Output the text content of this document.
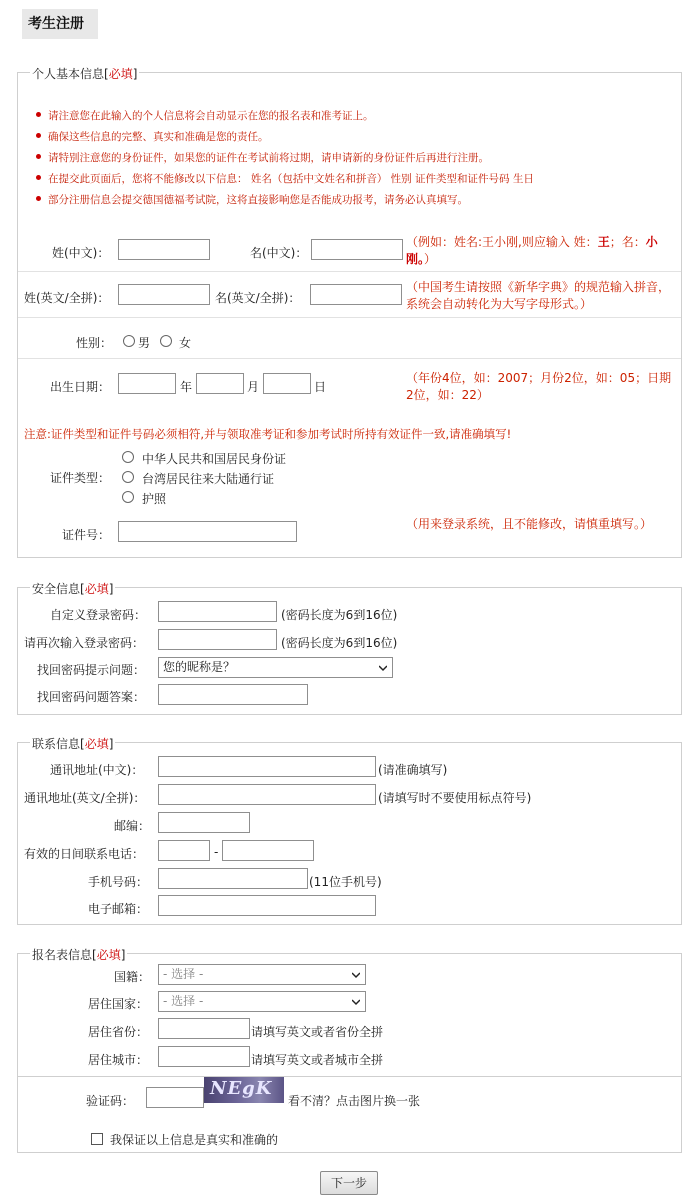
考生注册
个人基本信息[必填]
请注意您在此输入的个人信息将会自动显示在您的报名表和准考证上。
确保这些信息的完整、真实和准确是您的责任。
请特别注意您的身份证件，如果您的证件在考试前将过期，请申请新的身份证件后再进行注册。
在提交此页面后，您将不能修改以下信息： 姓名（包括中文姓名和拼音） 性别 证件类型和证件号码 生日
部分注册信息会提交德国德福考试院，这将直接影响您是否能成功报考，请务必认真填写。
姓(中文)：	名(中文)：
（例如：姓名:王小刚,则应输入 姓：王；名：小刚。）
姓(英文/全拼)：	名(英文/全拼)：
（中国考生请按照《新华字典》的规范输入拼音，系统会自动转化为大写字母形式。）
性别： 男 女
出生日期：	年	月	日
（年份4位，如：2007；月份2位，如：05；日期2位，如：22）
注意:证件类型和证件号码必须相符,并与领取准考证和参加考试时所持有效证件一致,请准确填写!
证件类型：
中华人民共和国居民身份证
台湾居民往来大陆通行证
护照
证件号：
（用来登录系统，且不能修改，请慎重填写。）
安全信息[必填]
自定义登录密码：	(密码长度为6到16位)
请再次输入登录密码：	(密码长度为6到16位)
找回密码提示问题：	您的昵称是？
找回密码问题答案：
联系信息[必填]
通讯地址(中文)：	(请准确填写)
通讯地址(英文/全拼)：	(请填写时不要使用标点符号)
邮编：
有效的日间联系电话：	-
手机号码：	(11位手机号)
电子邮箱：
报名表信息[必填]
国籍：	- 选择 -
居住国家：	- 选择 -
居住省份：	请填写英文或者省份全拼
居住城市：	请填写英文或者城市全拼
验证码：
NEgK
看不清？点击图片换一张
我保证以上信息是真实和准确的
下一步
